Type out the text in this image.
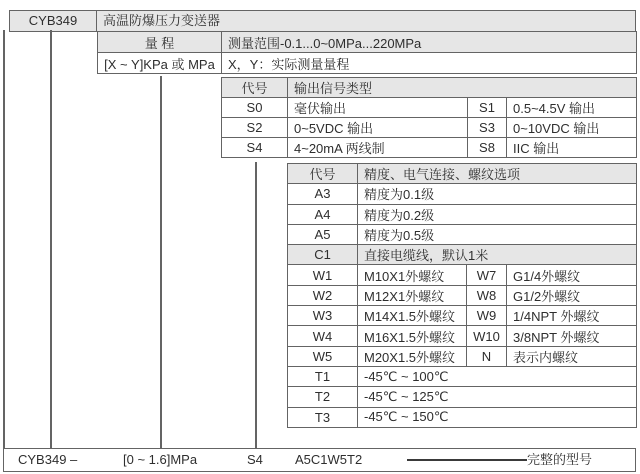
CYB349	高温防爆压力变送器
量 程	测量范围-0.1...0~0MPa...220MPa
[X ~ Y]KPa 或 MPa	X，Y：实际测量量程
代号	输出信号类型		
S0	毫伏输出	S1	0.5~4.5V 输出
S2	0~5VDC 输出	S3	0~10VDC 输出
S4	4~20mA 两线制	S8	IIC 输出
代号	精度、电气连接、螺纹选项		
A3	精度为0.1级		
A4	精度为0.2级		
A5	精度为0.5级		
C1	直接电缆线，默认1米		
W1	M10X1外螺纹	W7	G1/4外螺纹
W2	M12X1外螺纹	W8	G1/2外螺纹
W3	M14X1.5外螺纹	W9	1/4NPT 外螺纹
W4	M16X1.5外螺纹	W10	3/8NPT 外螺纹
W5	M20X1.5外螺纹	N	表示内螺纹
T1	-45℃ ~ 100℃		
T2	-45℃ ~ 125℃		
T3	-45℃ ~ 150℃		
CYB349 –	[0 ~ 1.6]MPa	S4 A5C1W5T2	完整的型号
